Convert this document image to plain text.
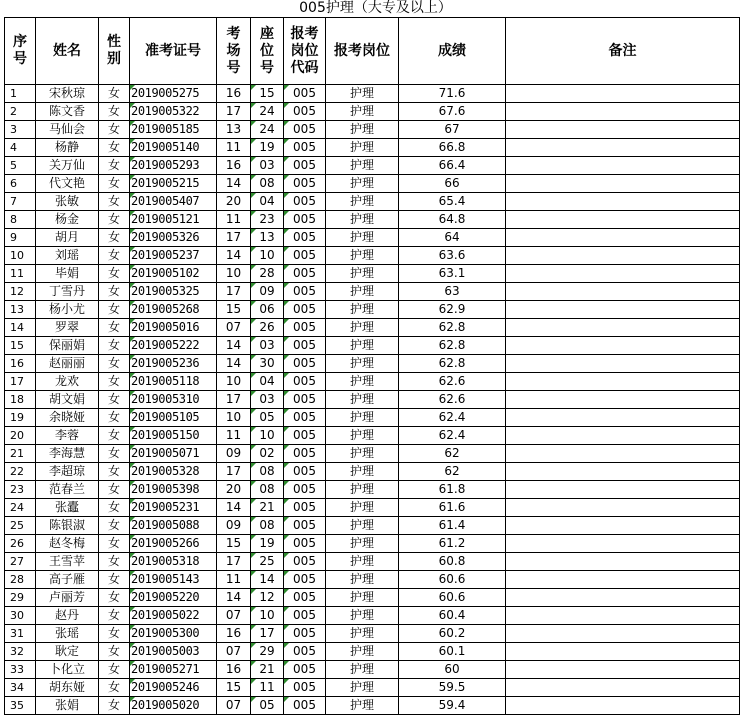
005护理（大专及以上）
序号	姓名	性别	准考证号	考场号	座位号	报考岗位代码	报考岗位	成绩	备注
1	宋秋琼	女	2019005275	16	15	005	护理	71.6	
2	陈文香	女	2019005322	17	24	005	护理	67.6	
3	马仙会	女	2019005185	13	24	005	护理	67	
4	杨静	女	2019005140	11	19	005	护理	66.8	
5	关万仙	女	2019005293	16	03	005	护理	66.4	
6	代文艳	女	2019005215	14	08	005	护理	66	
7	张敏	女	2019005407	20	04	005	护理	65.4	
8	杨金	女	2019005121	11	23	005	护理	64.8	
9	胡月	女	2019005326	17	13	005	护理	64	
10	刘瑶	女	2019005237	14	10	005	护理	63.6	
11	毕娟	女	2019005102	10	28	005	护理	63.1	
12	丁雪丹	女	2019005325	17	09	005	护理	63	
13	杨小尤	女	2019005268	15	06	005	护理	62.9	
14	罗翠	女	2019005016	07	26	005	护理	62.8	
15	保丽娟	女	2019005222	14	03	005	护理	62.8	
16	赵丽丽	女	2019005236	14	30	005	护理	62.8	
17	龙欢	女	2019005118	10	04	005	护理	62.6	
18	胡文娟	女	2019005310	17	03	005	护理	62.6	
19	余晓娅	女	2019005105	10	05	005	护理	62.4	
20	李蓉	女	2019005150	11	10	005	护理	62.4	
21	李海慧	女	2019005071	09	02	005	护理	62	
22	李超琼	女	2019005328	17	08	005	护理	62	
23	范春兰	女	2019005398	20	08	005	护理	61.8	
24	张蠹	女	2019005231	14	21	005	护理	61.6	
25	陈银淑	女	2019005088	09	08	005	护理	61.4	
26	赵冬梅	女	2019005266	15	19	005	护理	61.2	
27	王雪苹	女	2019005318	17	25	005	护理	60.8	
28	高子雁	女	2019005143	11	14	005	护理	60.6	
29	卢丽芳	女	2019005220	14	12	005	护理	60.6	
30	赵丹	女	2019005022	07	10	005	护理	60.4	
31	张瑶	女	2019005300	16	17	005	护理	60.2	
32	耿定	女	2019005003	07	29	005	护理	60.1	
33	卜化立	女	2019005271	16	21	005	护理	60	
34	胡东娅	女	2019005246	15	11	005	护理	59.5	
35	张娟	女	2019005020	07	05	005	护理	59.4	
